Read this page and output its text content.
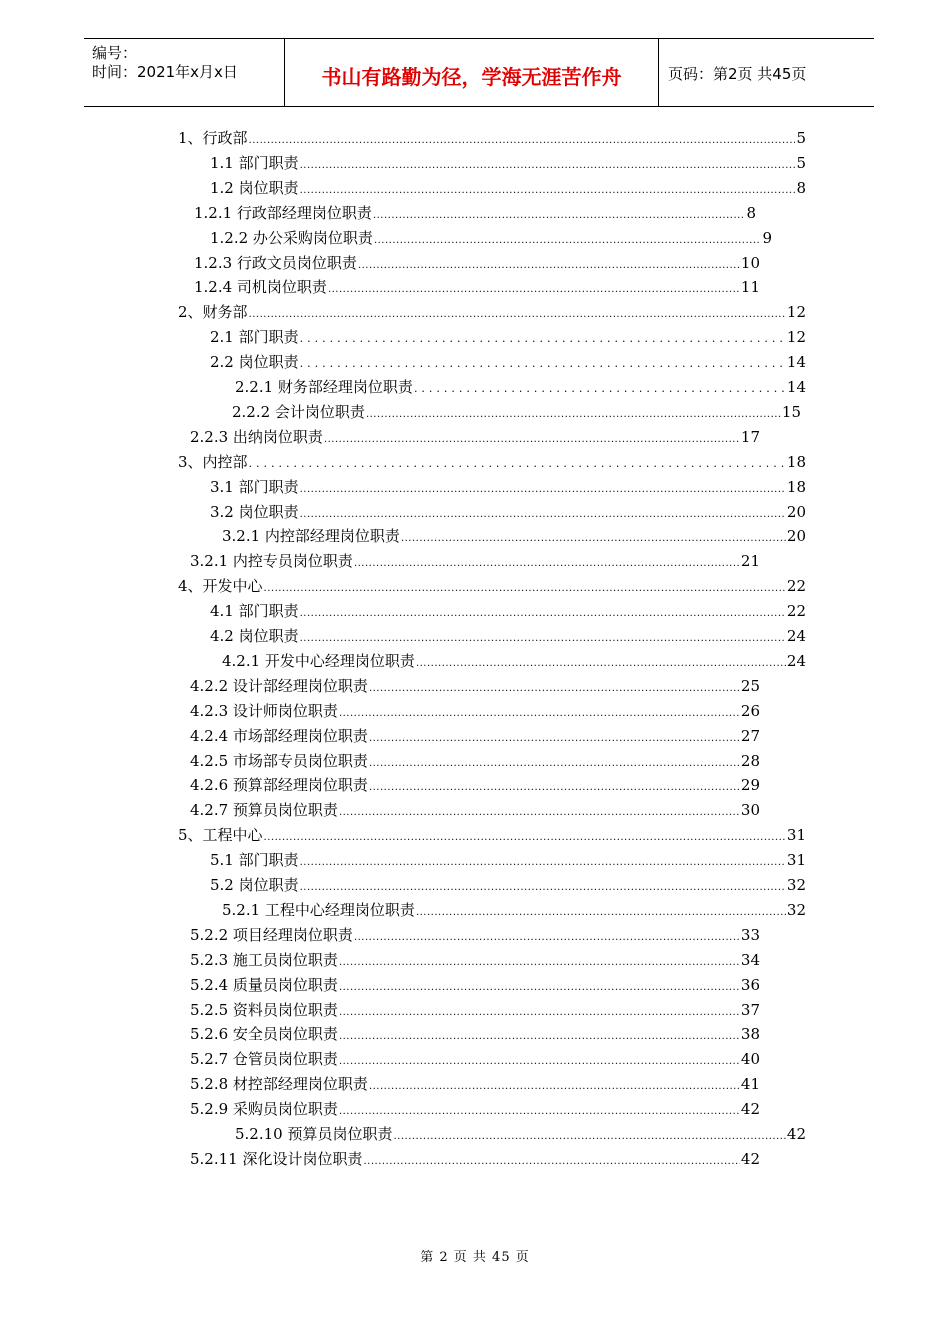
编号：
时间：2021年x月x日	书山有路勤为径，学海无涯苦作舟	页码：第2页 共45页
1、行政部 .....	5
1.1 部门职责 .....	5
1.2 岗位职责 .....	8
1.2.1 行政部经理岗位职责 .....	8
1.2.2 办公采购岗位职责 .....	9
1.2.3 行政文员岗位职责 .....	10
1.2.4 司机岗位职责 .....	11
2、财务部 .....	12
2.1 部门职责 .....	12
2.2 岗位职责 .....	14
2.2.1 财务部经理岗位职责 .....	14
2.2.2 会计岗位职责 .....	15
2.2.3 出纳岗位职责 .....	17
3、内控部 .....	18
3.1 部门职责 .....	18
3.2 岗位职责 .....	20
3.2.1 内控部经理岗位职责 .....	20
3.2.1 内控专员岗位职责 .....	21
4、开发中心 .....	22
4.1 部门职责 .....	22
4.2 岗位职责 .....	24
4.2.1 开发中心经理岗位职责 .....	24
4.2.2 设计部经理岗位职责 .....	25
4.2.3 设计师岗位职责 .....	26
4.2.4 市场部经理岗位职责 .....	27
4.2.5 市场部专员岗位职责 .....	28
4.2.6 预算部经理岗位职责 .....	29
4.2.7 预算员岗位职责 .....	30
5、工程中心 .....	31
5.1 部门职责 .....	31
5.2 岗位职责 .....	32
5.2.1 工程中心经理岗位职责 .....	32
5.2.2 项目经理岗位职责 .....	33
5.2.3 施工员岗位职责 .....	34
5.2.4 质量员岗位职责 .....	36
5.2.5 资料员岗位职责 .....	37
5.2.6 安全员岗位职责 .....	38
5.2.7 仓管员岗位职责 .....	40
5.2.8 材控部经理岗位职责 .....	41
5.2.9 采购员岗位职责 .....	42
5.2.10 预算员岗位职责 .....	42
5.2.11 深化设计岗位职责 .....	42
第 2 页 共 45 页
